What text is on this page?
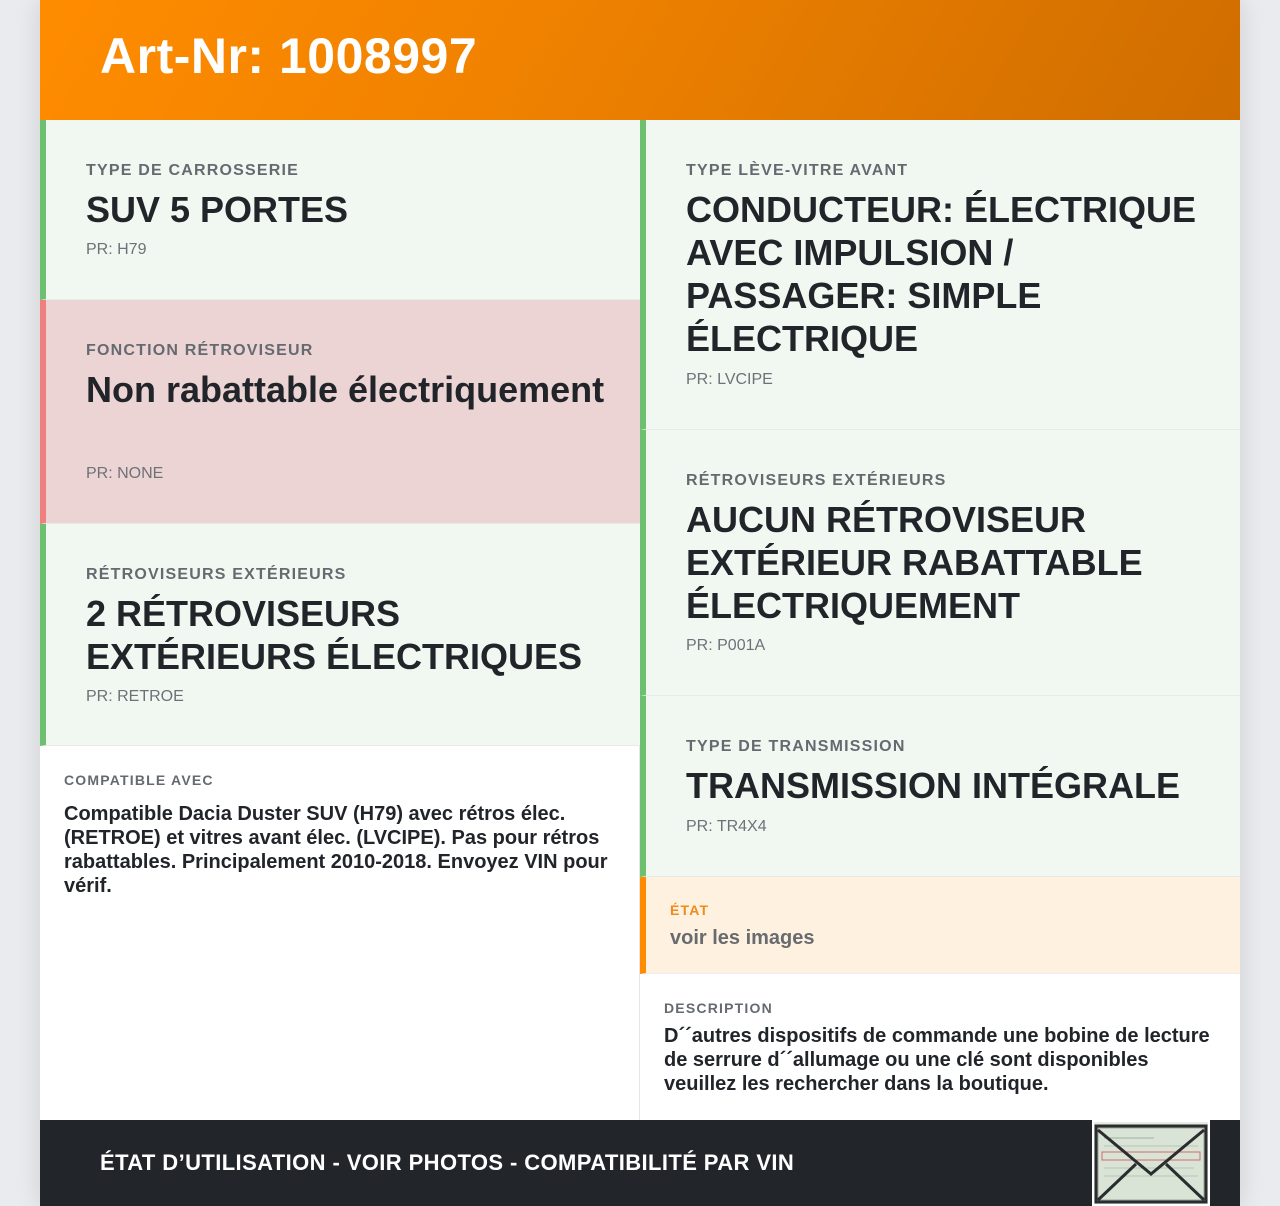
Art-Nr: 1008997
TYPE DE CARROSSERIE
SUV 5 PORTES
PR: H79
FONCTION RÉTROVISEUR
Non rabattable électriquement
PR: NONE
RÉTROVISEURS EXTÉRIEURS
2 RÉTROVISEURS EXTÉRIEURS ÉLECTRIQUES
PR: RETROE
COMPATIBLE AVEC
Compatible Dacia Duster SUV (H79) avec rétros élec. (RETROE) et vitres avant élec. (LVCIPE). Pas pour rétros rabattables. Principalement 2010-2018. Envoyez VIN pour vérif.
TYPE LÈVE-VITRE AVANT
CONDUCTEUR: ÉLECTRIQUE AVEC IMPULSION / PASSAGER: SIMPLE ÉLECTRIQUE
PR: LVCIPE
RÉTROVISEURS EXTÉRIEURS
AUCUN RÉTROVISEUR EXTÉRIEUR RABATTABLE ÉLECTRIQUEMENT
PR: P001A
TYPE DE TRANSMISSION
TRANSMISSION INTÉGRALE
PR: TR4X4
ÉTAT
voir les images
DESCRIPTION
D´´autres dispositifs de commande une bobine de lecture de serrure d´´allumage ou une clé sont disponibles veuillez les rechercher dans la boutique.
ÉTAT D’UTILISATION - VOIR PHOTOS - COMPATIBILITÉ PAR VIN
